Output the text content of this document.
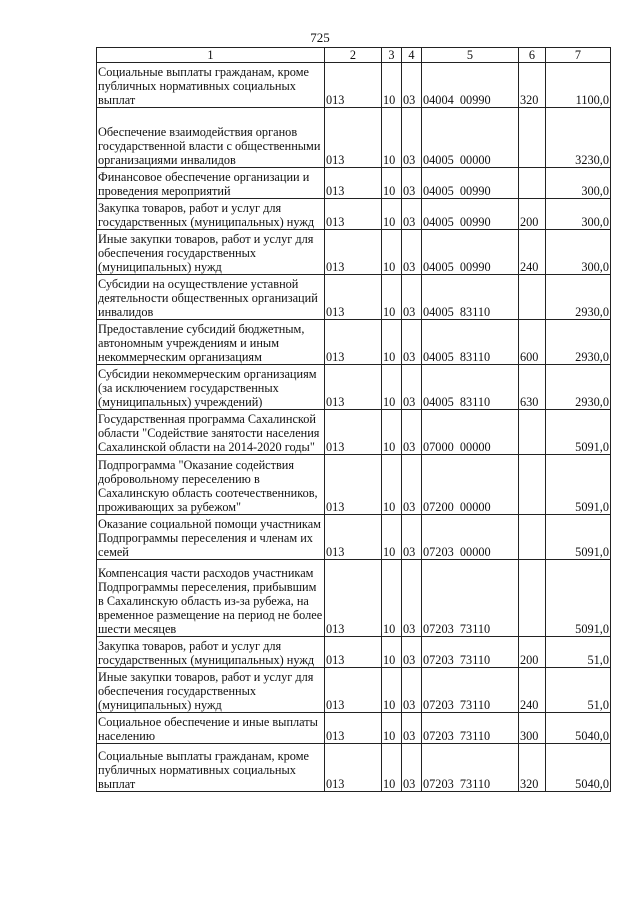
725
1	2	3	4	5	6	7
Социальные выплаты гражданам, кроме публичных нормативных социальных выплат	013	10	03	04004  00990	320	1100,0
Обеспечение взаимодействия органов государственной власти с общественными организациями инвалидов	013	10	03	04005  00000		3230,0
Финансовое обеспечение организации и проведения мероприятий	013	10	03	04005  00990		300,0
Закупка товаров, работ и услуг для государственных (муниципальных) нужд	013	10	03	04005  00990	200	300,0
Иные закупки товаров, работ и услуг для обеспечения государственных (муниципальных) нужд	013	10	03	04005  00990	240	300,0
Субсидии на осуществление уставной деятельности общественных организаций инвалидов	013	10	03	04005  83110		2930,0
Предоставление субсидий бюджетным, автономным учреждениям и иным некоммерческим организациям	013	10	03	04005  83110	600	2930,0
Субсидии некоммерческим организациям (за исключением государственных (муниципальных) учреждений)	013	10	03	04005  83110	630	2930,0
Государственная программа Сахалинской области "Содействие занятости населения Сахалинской области на 2014-2020 годы"	013	10	03	07000  00000		5091,0
Подпрограмма "Оказание содействия добровольному переселению в Сахалинскую область соотечественников, проживающих за рубежом"	013	10	03	07200  00000		5091,0
Оказание социальной помощи участникам Подпрограммы переселения и членам их семей	013	10	03	07203  00000		5091,0
Компенсация части расходов участникам Подпрограммы переселения, прибывшим в Сахалинскую область из-за рубежа, на временное размещение на период не более шести месяцев	013	10	03	07203  73110		5091,0
Закупка товаров, работ и услуг для государственных (муниципальных) нужд	013	10	03	07203  73110	200	51,0
Иные закупки товаров, работ и услуг для обеспечения государственных (муниципальных) нужд	013	10	03	07203  73110	240	51,0
Социальное обеспечение и иные выплаты населению	013	10	03	07203  73110	300	5040,0
Социальные выплаты гражданам, кроме публичных нормативных социальных выплат	013	10	03	07203  73110	320	5040,0
